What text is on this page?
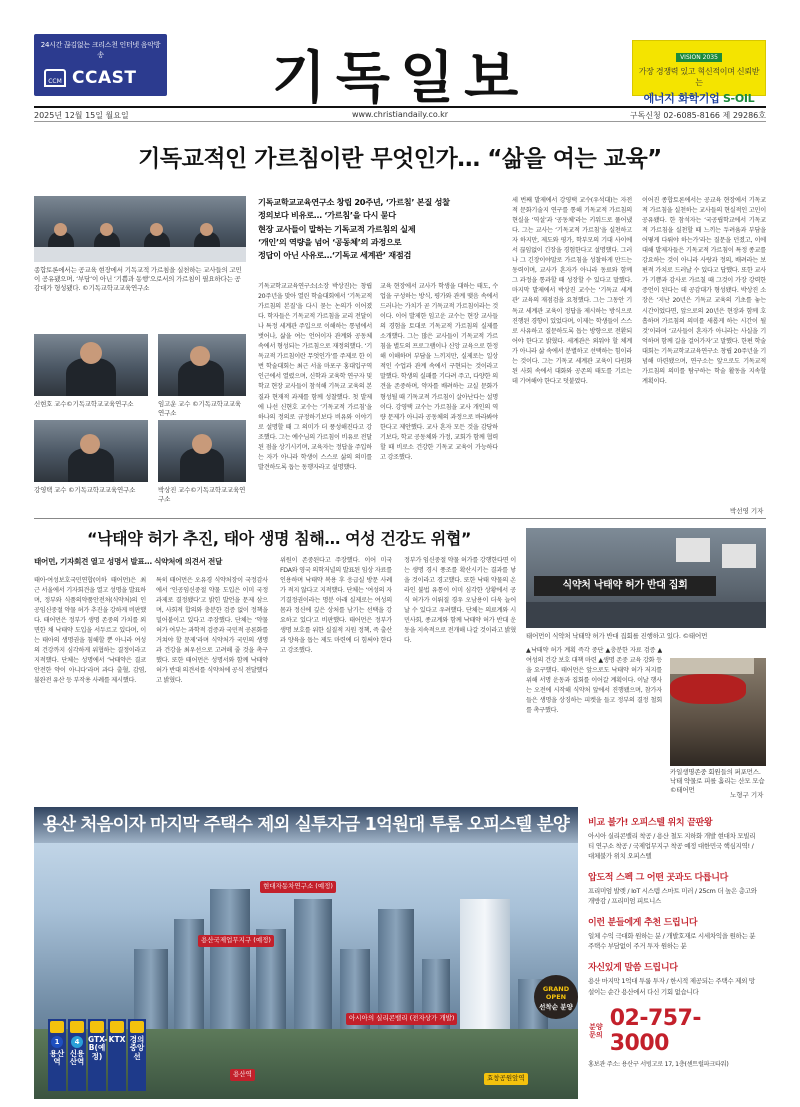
24시간 끊김없는 크리스천 인터넷 음악방송
CCM CCAST 기독일보	VISION 2035
가장 경쟁력 있고 혁신적이며 신뢰받는
에너지 화학기업 S-OIL
2025년 12월 15일 월요일	www.christiandaily.co.kr	구독신청 02-6085-8166 제 29286호
기독교적인 가르침이란 무엇인가… “삶을 여는 교육”
종합토론에서는 공교육 현장에서 기독교적 가르침을 실천하는 교사들의 고민이 공유됐으며, ‘부담’이 아닌 ‘기쁨과 동행’으로서의 가르침이 필요하다는 공감대가 형성됐다. ©기독교학교교육연구소
신현호 교수©기독교학교교육연구소	임고운 교수 ©기독교학교교육연구소
강영택 교수 ©기독교학교교육연구소	박상진 교수©기독교학교교육연구소
기독교학교교육연구소 창립 20주년, ‘가르침’ 본질 성찰
정의보다 비유로… ‘가르침’을 다시 묻다
현장 교사들이 말하는 기독교적 가르침의 실제
‘개인’의 역량을 넘어 ‘공동체’의 과정으로
정답이 아닌 사유로…‘기독교 세계관’ 재점검
기독교학교교육연구소(소장 박상진)는 창립 20주년을 맞아 열린 학술대회에서 ‘기독교적 가르침의 본질’을 다시 묻는 논의가 이어졌다. 학자들은 기독교적 가르침을 교리 전달이나 특정 세계관 주입으로 이해하는 통념에서 벗어나, 삶을 여는 언어이자 관계와 공동체 속에서 형성되는 가르침으로 재정의했다. ‘기독교적 가르침이란 무엇인가’를 주제로 한 이번 학술대회는 최근 서울 마포구 홍대입구역 인근에서 열렸으며, 신학과 교육학 연구자 및 학교 현장 교사들이 참석해 기독교 교육의 본질과 현재적 과제를 함께 성찰했다. 첫 발제에 나선 신현호 교수는 ‘기독교적 가르침’을 하나의 정의로 규정하기보다 비유와 이야기로 설명할 때 그 의미가 더 풍성해진다고 강조했다. 그는 예수님의 가르침이 비유로 전달된 점을 상기시키며, 교육자는 정답을 주입하는 자가 아니라 학생이 스스로 삶의 의미를 발견하도록 돕는 동행자라고 설명했다.
교육 현장에서 교사가 학생을 대하는 태도, 수업을 구성하는 방식, 평가와 관계 맺음 속에서 드러나는 가치가 곧 기독교적 가르침이라는 것이다. 이어 발제한 임고운 교수는 현장 교사들의 경험을 토대로 기독교적 가르침의 실제를 소개했다. 그는 많은 교사들이 기독교적 가르침을 별도의 프로그램이나 신앙 교육으로 한정해 이해하며 부담을 느끼지만, 실제로는 일상적인 수업과 관계 속에서 구현되는 것이라고 말했다. 학생의 실패를 기다려 주고, 다양한 의견을 존중하며, 약자를 배려하는 교실 문화가 형성될 때 기독교적 가르침이 살아난다는 설명이다. 강영택 교수는 가르침을 교사 개인의 역량 문제가 아니라 공동체의 과정으로 바라봐야 한다고 제안했다. 교사 혼자 모든 것을 감당하기보다, 학교 공동체와 가정, 교회가 함께 협력할 때 비로소 건강한 기독교 교육이 가능하다고 강조했다.
세 번째 발제에서 강영택 교수(우석대)는 자전적 문화기술지 연구를 통해 기독교적 가르침의 현실을 ‘역설’과 ‘공동체’라는 키워드로 풀어냈다. 그는 교사는 ‘기독교적 가르침’을 실천하고자 하지만, 제도와 평가, 학부모의 기대 사이에서 끊임없이 긴장을 경험한다고 설명했다. 그러나 그 긴장이야말로 가르침을 성찰하게 만드는 동력이며, 교사가 혼자가 아니라 동료와 함께 그 과정을 통과할 때 성장할 수 있다고 말했다. 마지막 발제에서 박상진 교수는 ‘기독교 세계관’ 교육의 재점검을 요청했다. 그는 그동안 기독교 세계관 교육이 정답을 제시하는 방식으로 진행된 경향이 있었다며, 이제는 학생들이 스스로 사유하고 질문하도록 돕는 방향으로 전환되어야 한다고 밝혔다. 세계관은 외워야 할 체계가 아니라 삶 속에서 분별하고 선택하는 힘이라는 것이다. 그는 기독교 세계관 교육이 다원화된 사회 속에서 대화와 공존의 태도를 기르는 데 기여해야 한다고 덧붙였다.
이어진 종합토론에서는 공교육 현장에서 기독교적 가르침을 실천하는 교사들의 현실적인 고민이 공유됐다. 한 참석자는 ‘국공립학교에서 기독교적 가르침을 실천할 때 느끼는 두려움과 부담을 어떻게 다뤄야 하는가’라는 질문을 던졌고, 이에 대해 발제자들은 기독교적 가르침이 특정 종교를 강요하는 것이 아니라 사랑과 정의, 배려라는 보편적 가치로 드러날 수 있다고 답했다. 또한 교사가 기쁨과 감사로 가르칠 때 그것이 가장 강력한 증언이 된다는 데 공감대가 형성됐다. 박상진 소장은 ‘지난 20년은 기독교 교육의 기초를 놓는 시간이었다면, 앞으로의 20년은 현장과 함께 호흡하며 가르침의 의미를 새롭게 하는 시간이 될 것’이라며 ‘교사들이 혼자가 아니라는 사실을 기억하며 함께 길을 걸어가자’고 말했다. 한편 학술대회는 기독교학교교육연구소 창립 20주년을 기념해 마련됐으며, 연구소는 앞으로도 기독교적 가르침의 의미를 탐구하는 학술 활동을 지속할 계획이다.
박선영 기자
“낙태약 허가 추진, 태아 생명 침해… 여성 건강도 위협”
태어먼, 기자회견 열고 성명서 발표… 식약처에 의견서 전달
식약처 낙태약 허가 반대 집회
태어먼이 식약처 낙태약 허가 반대 집회를 진행하고 있다. ©태어먼
태아·여성보호국민연합(이하 태어먼)은 최근 서울에서 기자회견을 열고 성명을 발표하며, 정부와 식품의약품안전처(식약처)의 인공임신중절 약물 허가 추진을 강하게 비판했다. 태어먼은 정부가 생명 존중의 가치를 외면한 채 낙태약 도입을 서두르고 있다며, 이는 태아의 생명권을 침해할 뿐 아니라 여성의 건강까지 심각하게 위협하는 결정이라고 지적했다. 단체는 성명에서 ‘낙태약은 결코 안전한 약이 아니다’라며 과다 출혈, 감염, 불완전 유산 등 부작용 사례를 제시했다.
특히 태어먼은 오유경 식약처장이 국정감사에서 ‘인공임신중절 약물 도입은 이미 국정과제로 결정됐다’고 밝힌 발언을 문제 삼으며, 사회적 합의와 충분한 검증 없이 정책을 밀어붙이고 있다고 주장했다. 단체는 ‘약물 허가 여부는 과학적 검증과 국민적 공론화를 거쳐야 할 문제’라며 식약처가 국민의 생명과 건강을 최우선으로 고려해 줄 것을 촉구했다. 또한 태어먼은 성명서와 함께 낙태약 허가 반대 의견서를 식약처에 공식 전달했다고 밝혔다.
위원이 존중된다고 주장했다. 이어 미국 FDA와 영국 의학저널의 발표된 임상 자료를 인용하며 낙태약 복용 후 응급실 방문 사례가 적지 않다고 지적했다. 단체는 ‘여성의 자기결정권이라는 명분 아래 실제로는 여성의 몸과 정신에 깊은 상처를 남기는 선택을 강요하고 있다’고 비판했다. 태어먼은 정부가 생명 보호를 위한 실질적 지원 정책, 즉 출산과 양육을 돕는 제도 마련에 더 힘써야 한다고 강조했다.
정부가 임신중절 약물 허가를 강행한다면 이는 생명 경시 풍조를 확산시키는 결과를 낳을 것이라고 경고했다. 또한 낙태 약물의 온라인 불법 유통이 이미 심각한 상황에서 공식 허가가 이뤄질 경우 오남용이 더욱 늘어날 수 있다고 우려했다. 단체는 의료계와 시민사회, 종교계와 함께 낙태약 허가 반대 운동을 지속적으로 전개해 나갈 것이라고 밝혔다.
▲낙태약 허가 계획 즉각 중단 ▲충분한 자료 검증 ▲여성의 건강 보호 대책 마련 ▲생명 존중 교육 강화 등을 요구했다. 태어먼은 앞으로도 낙태약 허가 저지를 위해 서명 운동과 집회를 이어갈 계획이다. 이날 행사는 오전에 시작해 식약처 앞에서 진행됐으며, 참가자들은 생명을 상징하는 피켓을 들고 정부의 결정 철회를 촉구했다.
카일생명존중 회원들의 퍼포먼스. 낙태 약물로 피를 흘리는 산모 모습 ©태어먼
노형구 기자
용산 처음이자 마지막 주택수 제외 실투자금 1억원대 투룸 오피스텔 분양
현대자동차연구소 (예정)
용산국제업무지구 (예정)
아시아의 실리콘밸리 (전자상가 개발)
용산역	효창공원앞역
GRAND OPEN
선착순 분양
1
용산역
4
신용산역
GTX-B(예정)
KTX 경의중앙선
비교 불가! 오피스텔 위치 끝판왕
아시아 실리콘밸리 착공 / 용산 철도 지하화 개발 현대차 모빌리티 연구소 착공 / 국제업무지구 착공 예정 대한민국 핵심지역! / 대체불가 위치 오피스텔
압도적 스펙 그 어떤 곳과도 다릅니다
프리미엄 발렛 / IoT 시스템 스마트 미러 / 25cm 더 높은 층고와 개방감 / 프리미엄 피트니스
이런 분들에게 추천 드립니다
일체 수익 극대화 원하는 분 / 개발호재로 시세차익을 원하는 분 주택수 부담없이 주거 투자 원하는 분
자신있게 말씀 드립니다
용산 마지막 1억대 투룸 투자 / 한시적 제공되는 주택수 제외 망설이는 순간 용산에서 다신 기회 없습니다
분양 문의
02-757-3000
홍보관 주소: 용산구 서빙고로 17, 1층(센트럴파크타워)
